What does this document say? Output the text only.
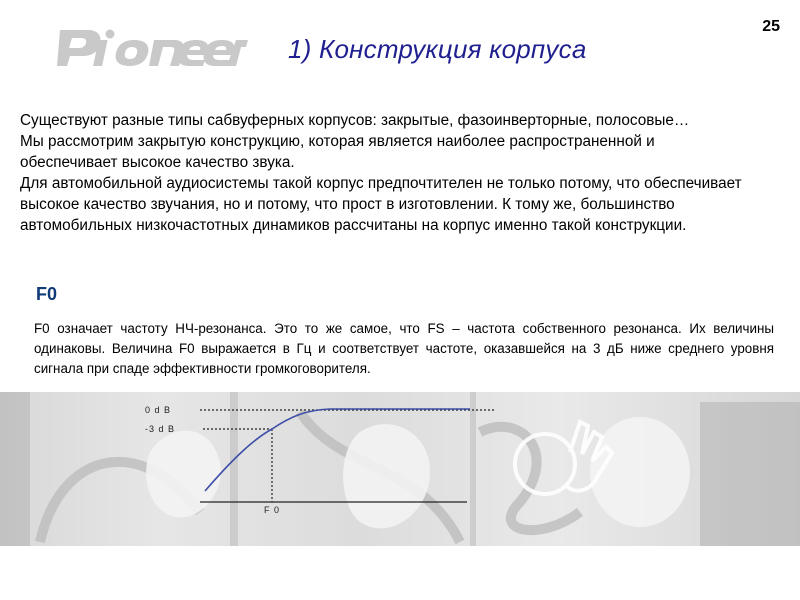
25
1) Конструкция корпуса

Существуют разные типы сабвуферных корпусов: закрытые, фазоинверторные, полосовые…

Мы рассмотрим закрытую конструкцию, которая является наиболее распространенной и обеспечивает высокое качество звука.

Для автомобильной аудиосистемы такой корпус предпочтителен не только потому, что обеспечивает высокое качество звучания, но и потому, что прост в изготовлении. К тому же, большинство автомобильных низкочастотных динамиков рассчитаны на корпус именно такой конструкции.

F0
F0 означает частоту НЧ-резонанса. Это то же самое, что FS – частота собственного резонанса. Их величины одинаковы. Величина F0 выражается в Гц и соответствует частоте, оказавшейся на 3 дБ ниже среднего уровня сигнала при спаде эффективности громкоговорителя.
0 d B
-3 d B
F 0
